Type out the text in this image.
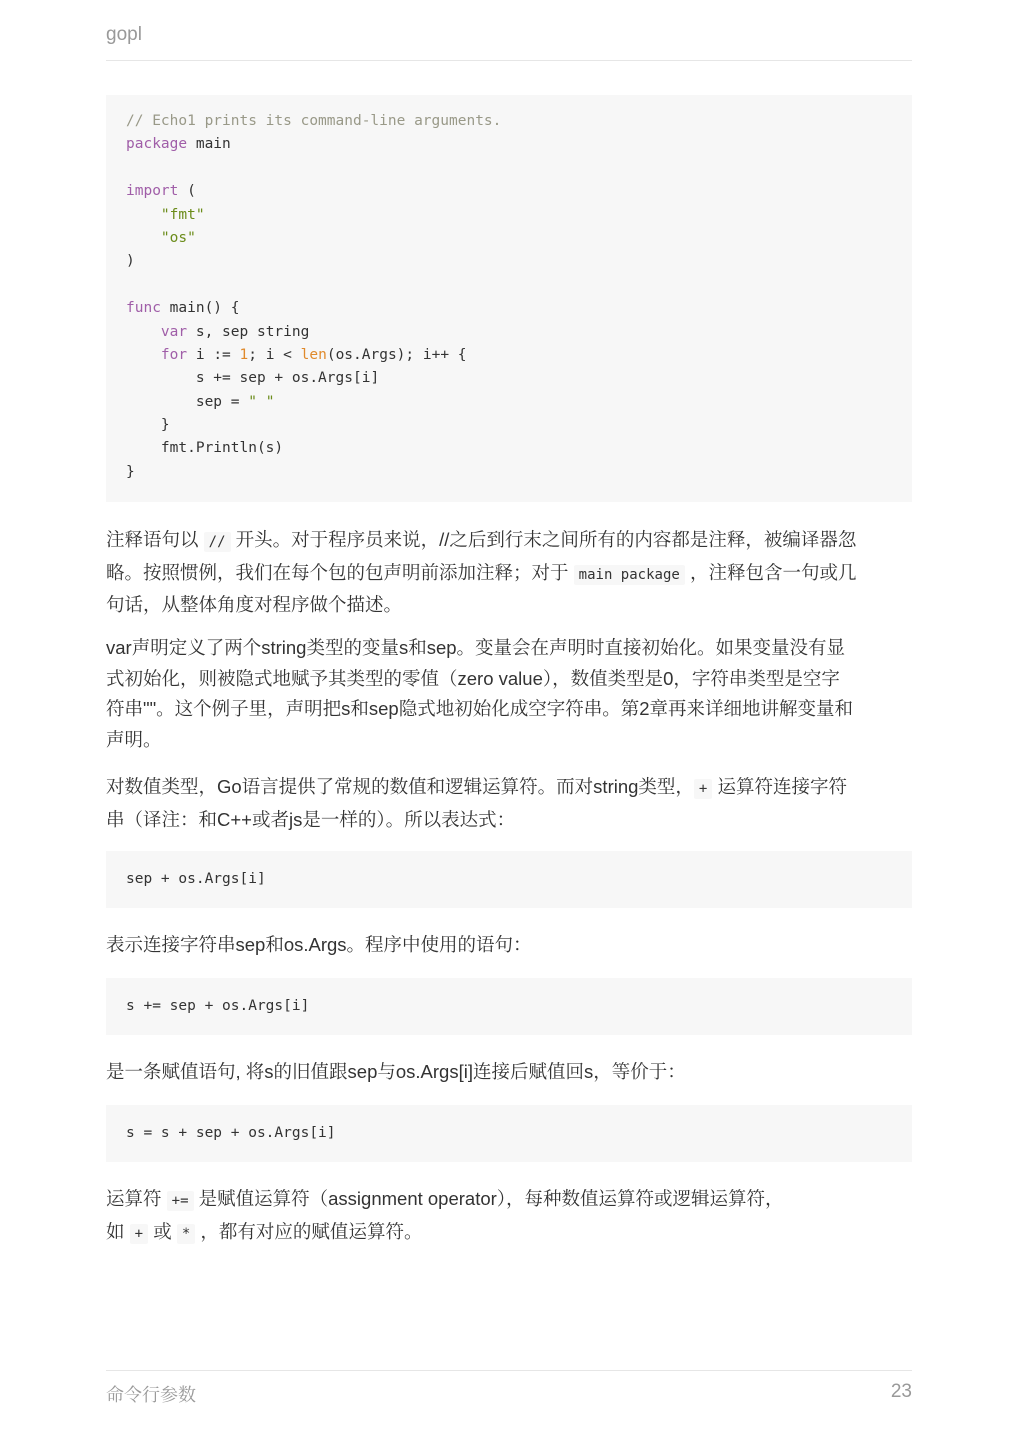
gopl
// Echo1 prints its command-line arguments.
package main

import (
"fmt"
"os"
)

func main() {
var s, sep string
for i := 1; i < len(os.Args); i++ {
s += sep + os.Args[i]
sep = " "
}
fmt.Println(s)
}
注释语句以 // 开头。对于程序员来说，//之后到行末之间所有的内容都是注释，被编译器忽
略。按照惯例，我们在每个包的包声明前添加注释；对于 main package ，注释包含一句或几
句话，从整体角度对程序做个描述。
var声明定义了两个string类型的变量s和sep。变量会在声明时直接初始化。如果变量没有显
式初始化，则被隐式地赋予其类型的零值（zero value），数值类型是0，字符串类型是空字
符串""。这个例子里，声明把s和sep隐式地初始化成空字符串。第2章再来详细地讲解变量和
声明。
对数值类型，Go语言提供了常规的数值和逻辑运算符。而对string类型， + 运算符连接字符
串（译注：和C++或者js是一样的）。所以表达式：
sep + os.Args[i]
表示连接字符串sep和os.Args。程序中使用的语句：
s += sep + os.Args[i]
是一条赋值语句, 将s的旧值跟sep与os.Args[i]连接后赋值回s，等价于：
s = s + sep + os.Args[i]
运算符 += 是赋值运算符（assignment operator），每种数值运算符或逻辑运算符，
如 + 或 * ，都有对应的赋值运算符。
命令行参数	23
